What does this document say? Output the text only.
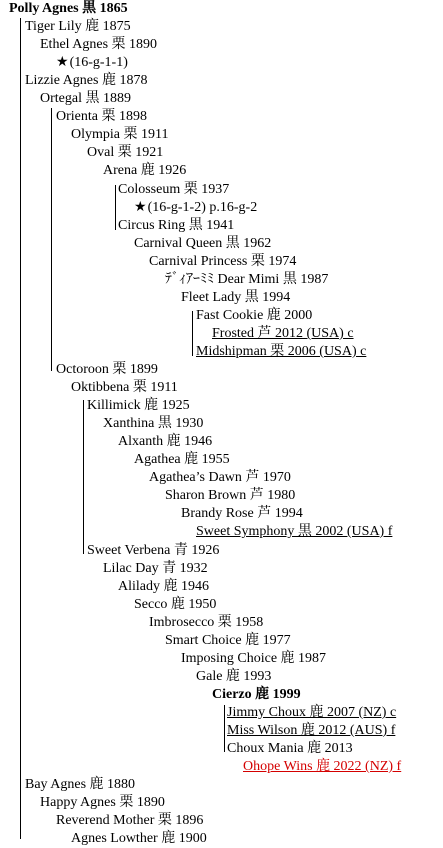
Polly Agnes 黒 1865
Tiger Lily 鹿 1875
Ethel Agnes 栗 1890
★(16-g-1-1)
Lizzie Agnes 鹿 1878
Ortegal 黒 1889
Orienta 栗 1898
Olympia 栗 1911
Oval 栗 1921
Arena 鹿 1926
Colosseum 栗 1937
★(16-g-1-2) p.16-g-2
Circus Ring 黒 1941
Carnival Queen 黒 1962
Carnival Princess 栗 1974
ﾃﾞｨｱｰﾐﾐ Dear Mimi 黒 1987
Fleet Lady 黒 1994
Fast Cookie 鹿 2000
Frosted 芦 2012 (USA) c
Midshipman 栗 2006 (USA) c
Octoroon 栗 1899
Oktibbena 栗 1911
Killimick 鹿 1925
Xanthina 黒 1930
Alxanth 鹿 1946
Agathea 鹿 1955
Agathea’s Dawn 芦 1970
Sharon Brown 芦 1980
Brandy Rose 芦 1994
Sweet Symphony 黒 2002 (USA) f
Sweet Verbena 青 1926
Lilac Day 青 1932
Alilady 鹿 1946
Secco 鹿 1950
Imbrosecco 栗 1958
Smart Choice 鹿 1977
Imposing Choice 鹿 1987
Gale 鹿 1993
Cierzo 鹿 1999
Jimmy Choux 鹿 2007 (NZ) c
Miss Wilson 鹿 2012 (AUS) f
Choux Mania 鹿 2013
Ohope Wins 鹿 2022 (NZ) f
Bay Agnes 鹿 1880
Happy Agnes 栗 1890
Reverend Mother 栗 1896
Agnes Lowther 鹿 1900
